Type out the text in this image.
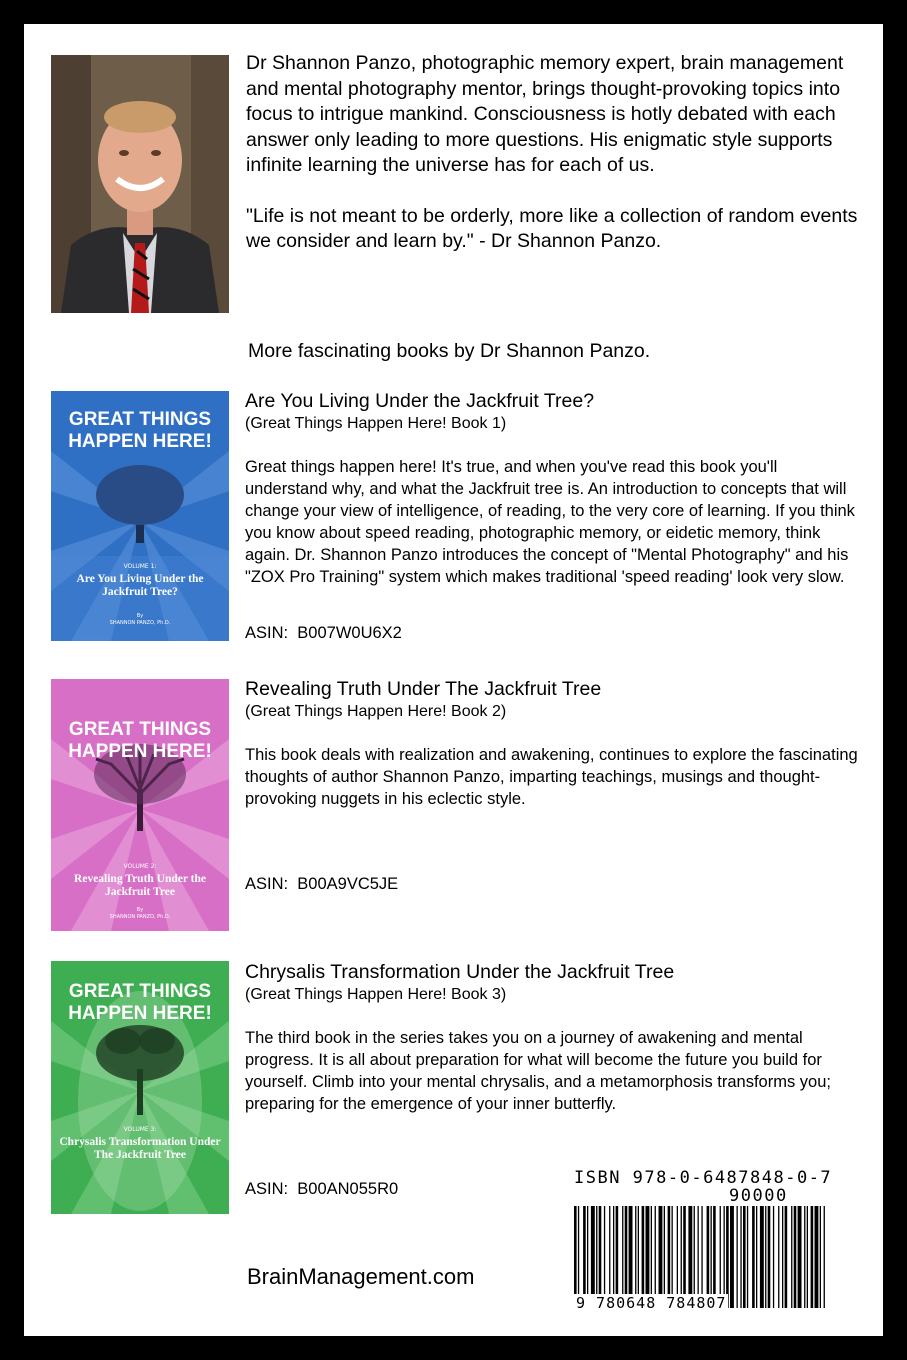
Dr Shannon Panzo, photographic memory expert, brain management and mental photography mentor, brings thought-provoking topics into focus to intrigue mankind. Consciousness is hotly debated with each answer only leading to more questions. His enigmatic style supports infinite learning the universe has for each of us.

"Life is not meant to be orderly, more like a collection of random events we consider and learn by." - Dr Shannon Panzo.

More fascinating books by Dr Shannon Panzo.
GREAT THINGS HAPPEN HERE!
VOLUME 1:
Are You Living Under the Jackfruit Tree?
By
SHANNON PANZO, Ph.D.
Are You Living Under the Jackfruit Tree?
(Great Things Happen Here! Book 1)
Great things happen here! It's true, and when you've read this book you'll understand why, and what the Jackfruit tree is. An introduction to concepts that will change your view of intelligence, of reading, to the very core of learning. If you think you know about speed reading, photographic memory, or eidetic memory, think again. Dr. Shannon Panzo introduces the concept of "Mental Photography" and his "ZOX Pro Training" system which makes traditional 'speed reading' look very slow.
ASIN: B007W0U6X2
GREAT THINGS HAPPEN HERE!
VOLUME 2:
Revealing Truth Under the Jackfruit Tree
By
SHANNON PANZO, Ph.D.
Revealing Truth Under The Jackfruit Tree
(Great Things Happen Here! Book 2)
This book deals with realization and awakening, continues to explore the fascinating thoughts of author Shannon Panzo, imparting teachings, musings and thought-provoking nuggets in his eclectic style.
ASIN: B00A9VC5JE
GREAT THINGS HAPPEN HERE!
VOLUME 3:
Chrysalis Transformation Under The Jackfruit Tree
Chrysalis Transformation Under the Jackfruit Tree
(Great Things Happen Here! Book 3)
The third book in the series takes you on a journey of awakening and mental progress. It is all about preparation for what will become the future you build for yourself. Climb into your mental chrysalis, and a metamorphosis transforms you; preparing for the emergence of your inner butterfly.
ASIN: B00AN055R0
BrainManagement.com
ISBN 978-0-6487848-0-7
90000
9 780648 784807
